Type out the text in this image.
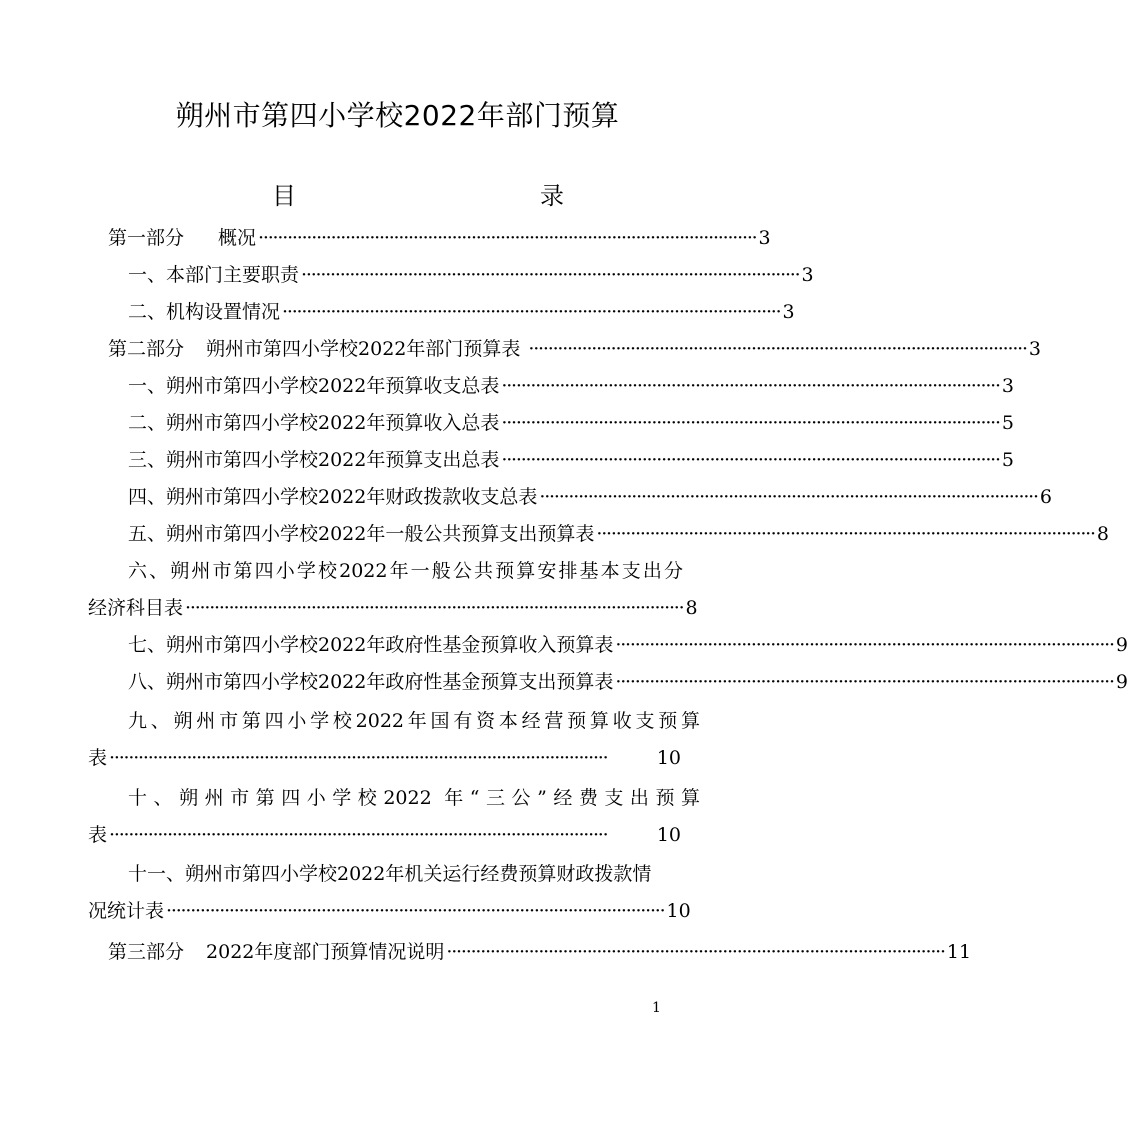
朔州市第四小学校2022年部门预算
目	录
第一部分 概况 ······································································································· 3
一、本部门主要职责 ······································································································· 3
二、机构设置情况 ······································································································· 3
第二部分 朔州市第四小学校2022年部门预算表 ······································································································· 3
一、朔州市第四小学校2022年预算收支总表 ······································································································· 3
二、朔州市第四小学校2022年预算收入总表 ······································································································· 5
三、朔州市第四小学校2022年预算支出总表 ······································································································· 5
四、朔州市第四小学校2022年财政拨款收支总表 ······································································································· 6
五、朔州市第四小学校2022年一般公共预算支出预算表 ······································································································· 8
六、朔州市第四小学校2022年一般公共预算安排基本支出分
经济科目表 ······································································································· 8
七、朔州市第四小学校2022年政府性基金预算收入预算表 ······································································································· 9
八、朔州市第四小学校2022年政府性基金预算支出预算表 ······································································································· 9
九、朔州市第四小学校2022年国有资本经营预算收支预算
表 ·······································································································	10
十、朔州市第四小学校2022 年“三公”经费支出预算
表 ·······································································································	10
十一、朔州市第四小学校2022年机关运行经费预算财政拨款情
况统计表 ······································································································· 10
第三部分 2022年度部门预算情况说明 ······································································································· 11
1
